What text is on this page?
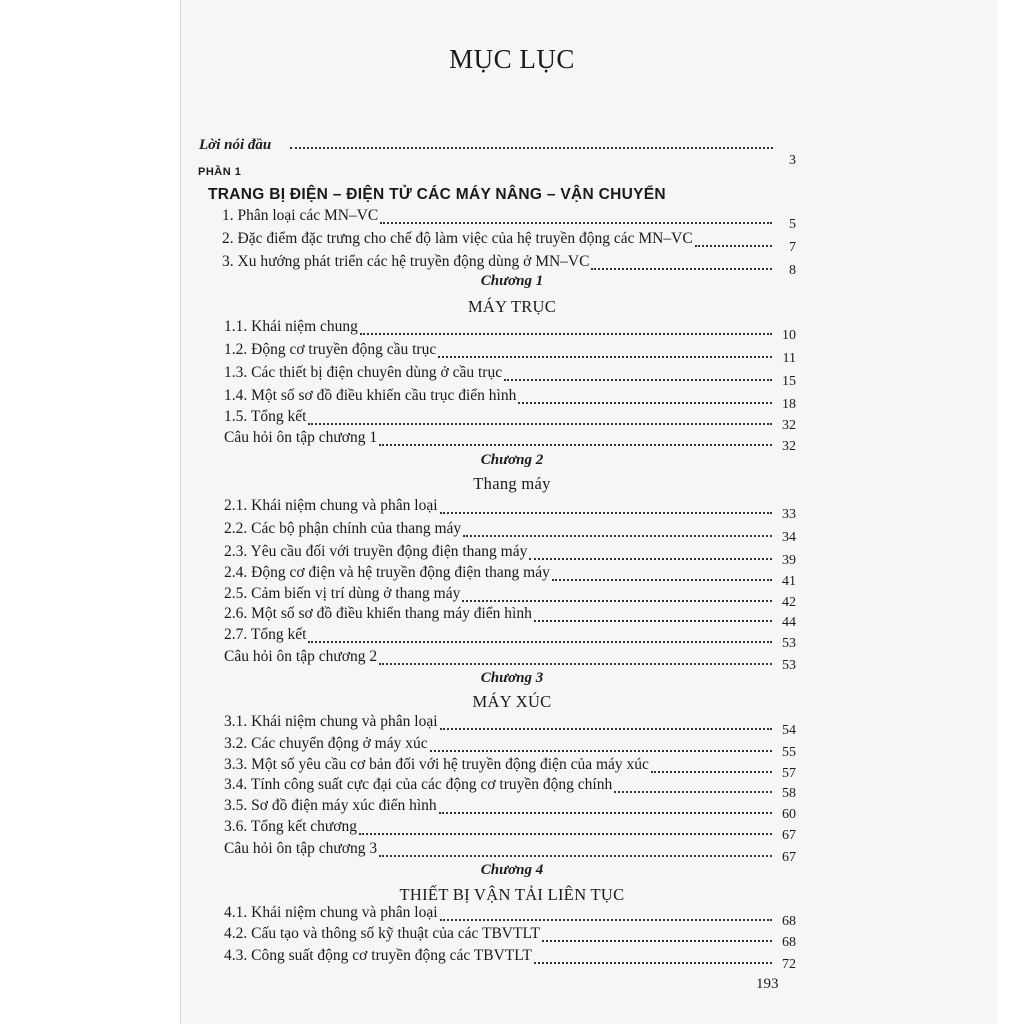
MỤC LỤC
Lời nói đầu
3
PHẦN 1
TRANG BỊ ĐIỆN – ĐIỆN TỬ CÁC MÁY NÂNG – VẬN CHUYỂN
1. Phân loại các MN–VC
5
2. Đặc điểm đặc trưng cho chế độ làm việc của hệ truyền động các MN–VC
7
3. Xu hướng phát triển các hệ truyền động dùng ở MN–VC
8
Chương 1
MÁY TRỤC
1.1. Khái niệm chung
10
1.2. Động cơ truyền động cầu trục
11
1.3. Các thiết bị điện chuyên dùng ở cầu trục
15
1.4. Một số sơ đồ điều khiển cầu trục điển hình
18
1.5. Tổng kết
32
Câu hỏi ôn tập chương 1
32
Chương 2
Thang máy
2.1. Khái niệm chung và phân loại
33
2.2. Các bộ phận chính của thang máy
34
2.3. Yêu cầu đối với truyền động điện thang máy
39
2.4. Động cơ điện và hệ truyền động điện thang máy
41
2.5. Cảm biến vị trí dùng ở thang máy
42
2.6. Một số sơ đồ điều khiển thang máy điển hình
44
2.7. Tổng kết
53
Câu hỏi ôn tập chương 2
53
Chương 3
MÁY XÚC
3.1. Khái niệm chung và phân loại
54
3.2. Các chuyển động ở máy xúc
55
3.3. Một số yêu cầu cơ bản đối với hệ truyền động điện của máy xúc
57
3.4. Tính công suất cực đại của các động cơ truyền động chính
58
3.5. Sơ đồ điện máy xúc điển hình
60
3.6. Tổng kết chương
67
Câu hỏi ôn tập chương 3
67
Chương 4
THIẾT BỊ VẬN TẢI LIÊN TỤC
4.1. Khái niệm chung và phân loại
68
4.2. Cấu tạo và thông số kỹ thuật của các TBVTLT
68
4.3. Công suất động cơ truyền động các TBVTLT
72
193
